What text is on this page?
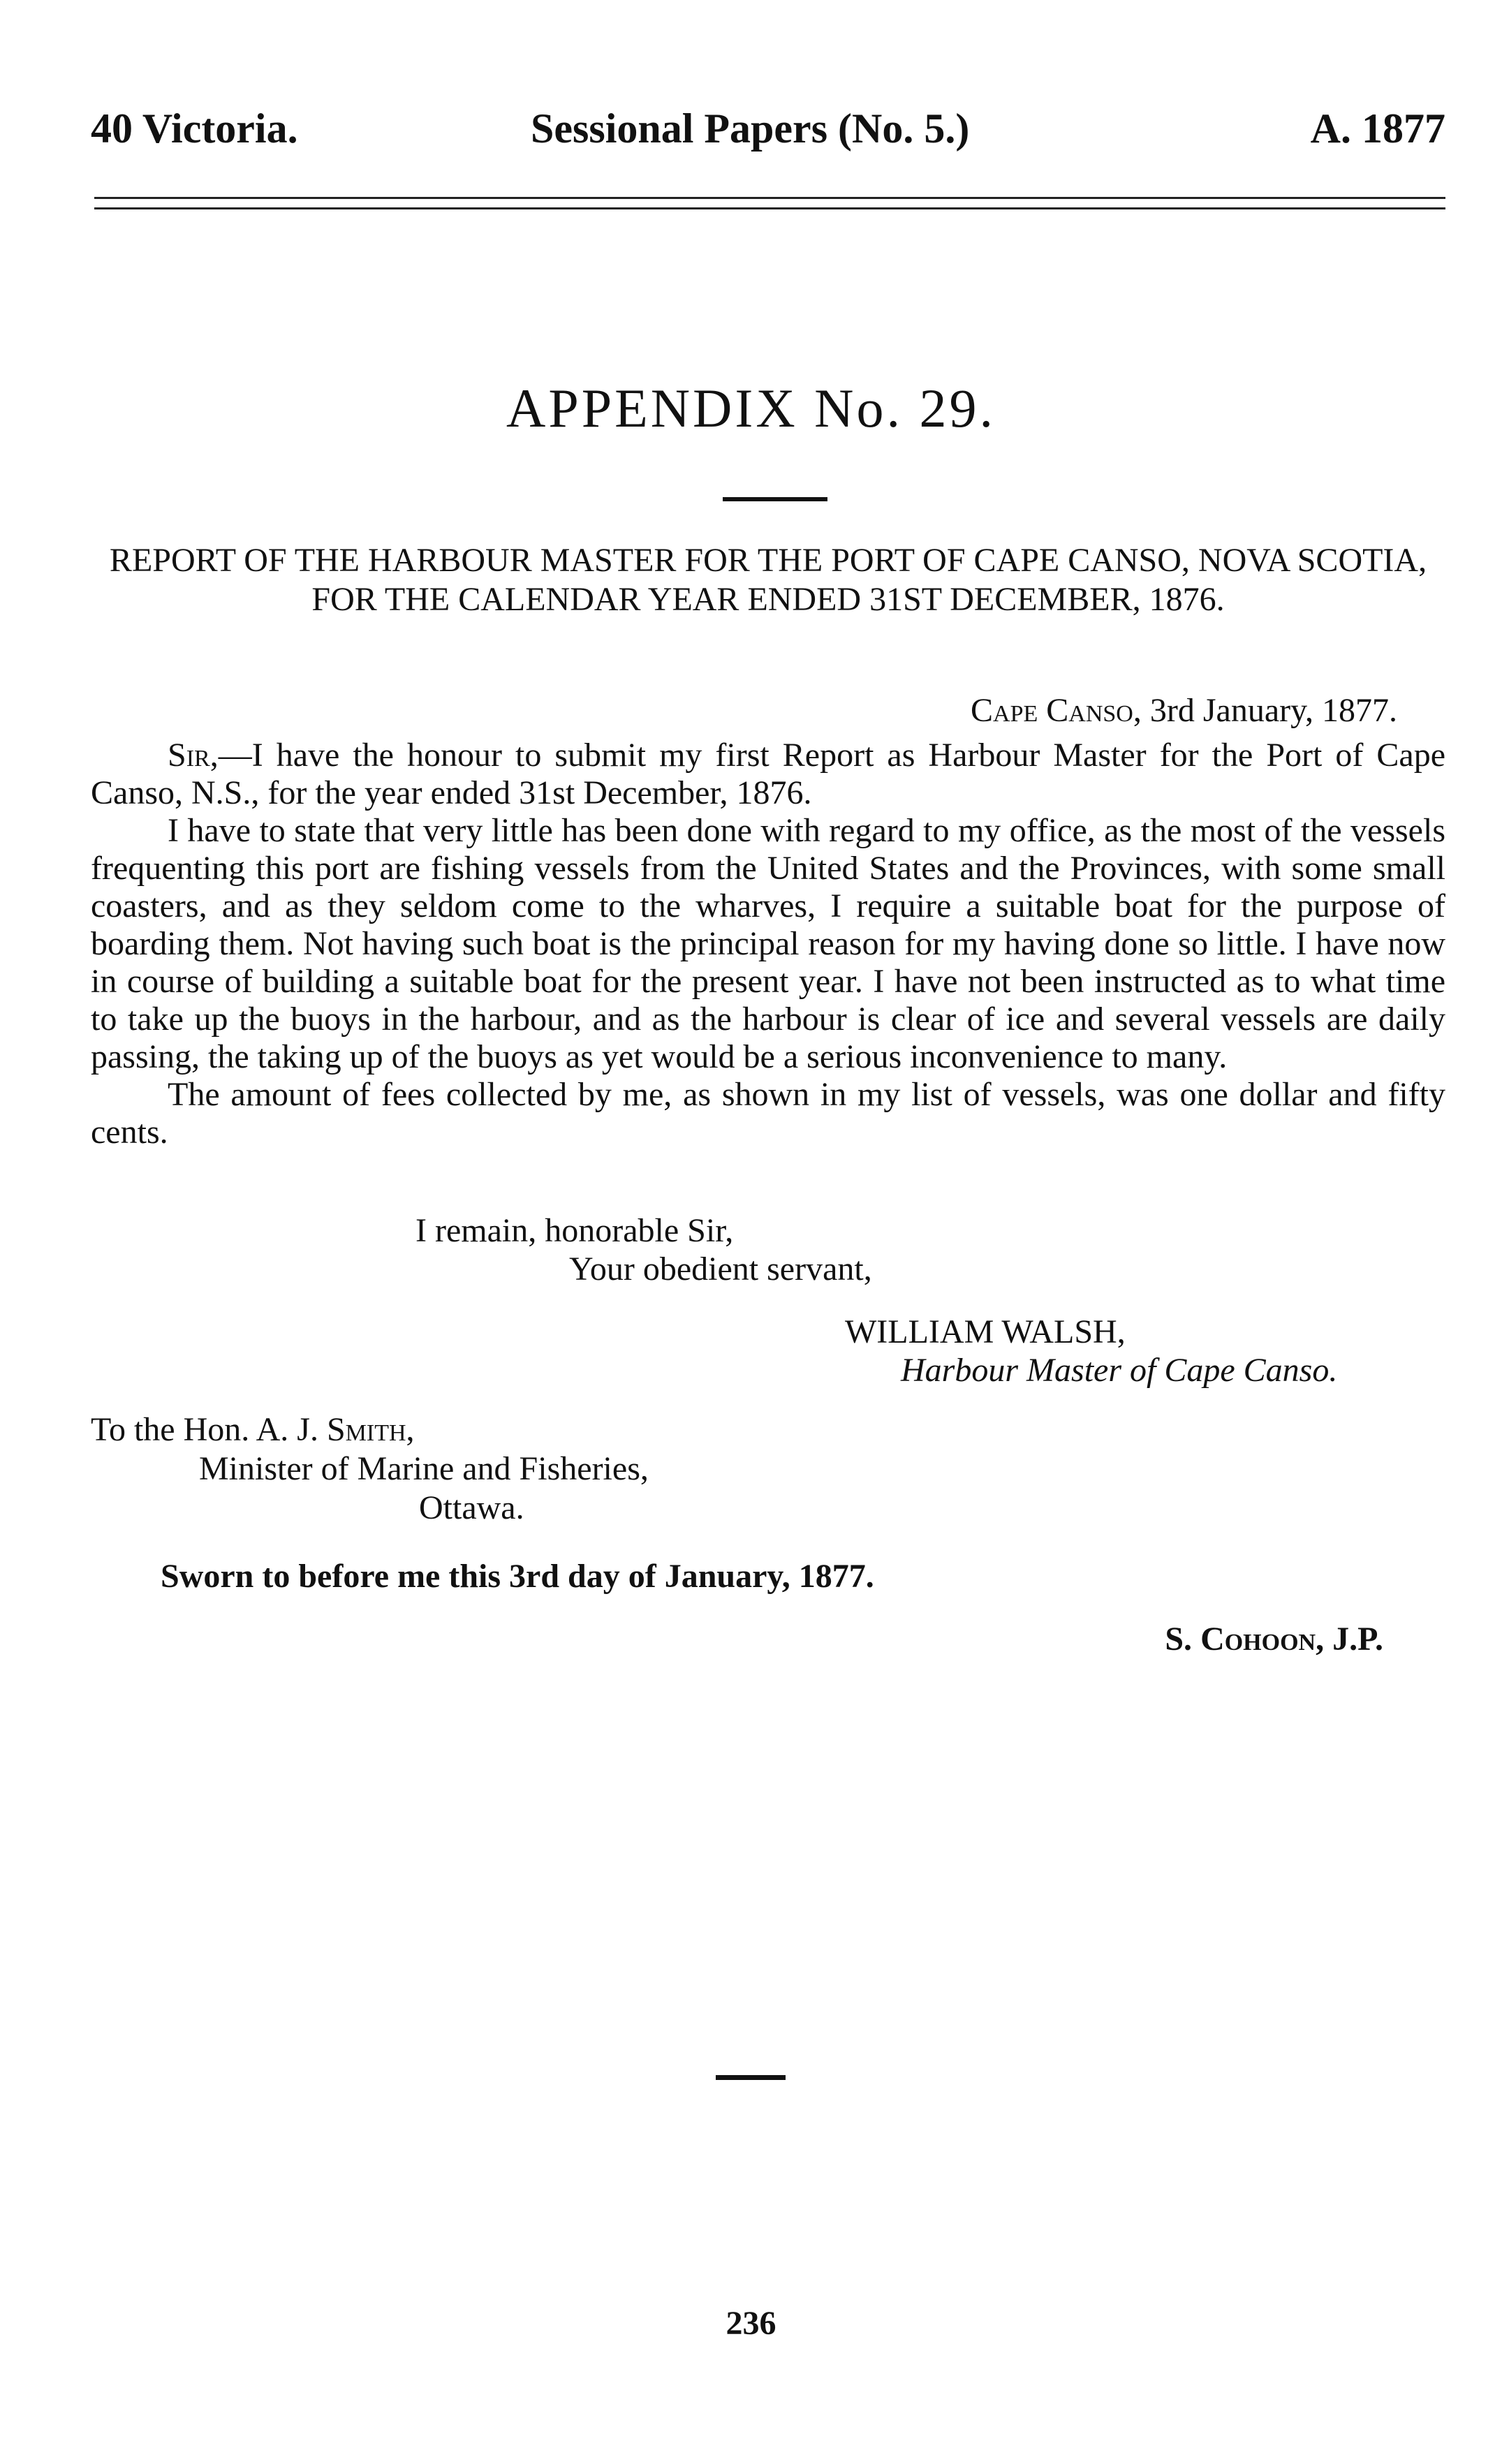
40 Victoria.	Sessional Papers (No. 5.)	A. 1877
APPENDIX No. 29.
REPORT OF THE HARBOUR MASTER FOR THE PORT OF CAPE CANSO, NOVA SCOTIA, FOR THE CALENDAR YEAR ENDED 31ST DECEMBER, 1876.
Cape Canso, 3rd January, 1877.

Sir,—I have the honour to submit my first Report as Harbour Master for the Port of Cape Canso, N.S., for the year ended 31st December, 1876.

I have to state that very little has been done with regard to my office, as the most of the vessels frequenting this port are fishing vessels from the United States and the Provinces, with some small coasters, and as they seldom come to the wharves, I require a suitable boat for the purpose of boarding them. Not having such boat is the principal reason for my having done so little. I have now in course of building a suitable boat for the present year. I have not been instructed as to what time to take up the buoys in the harbour, and as the harbour is clear of ice and several vessels are daily passing, the taking up of the buoys as yet would be a serious inconvenience to many.

The amount of fees collected by me, as shown in my list of vessels, was one dollar and fifty cents.

I remain, honorable Sir,
Your obedient servant,
WILLIAM WALSH,
Harbour Master of Cape Canso.
To the Hon. A. J. Smith,
Minister of Marine and Fisheries,
Ottawa.
Sworn to before me this 3rd day of January, 1877.
S. Cohoon, J.P.
236
